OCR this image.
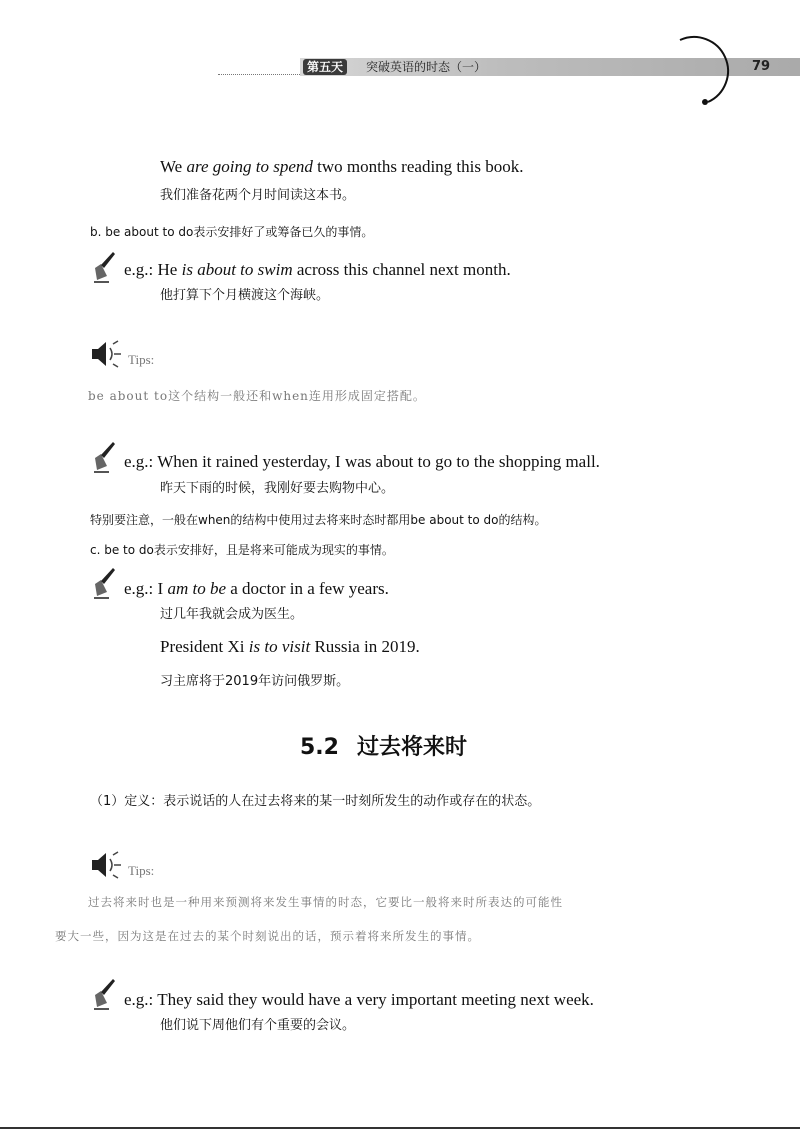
第五天	突破英语的时态（一）	79
We are going to spend two months reading this book.
我们准备花两个月时间读这本书。
b. be about to do表示安排好了或筹备已久的事情。
e.g.: He is about to swim across this channel next month.
他打算下个月横渡这个海峡。
Tips:
be about to这个结构一般还和when连用形成固定搭配。
e.g.: When it rained yesterday, I was about to go to the shopping mall.
昨天下雨的时候，我刚好要去购物中心。
特别要注意，一般在when的结构中使用过去将来时态时都用be about to do的结构。
c. be to do表示安排好，且是将来可能成为现实的事情。
e.g.: I am to be a doctor in a few years.
过几年我就会成为医生。
President Xi is to visit Russia in 2019.
习主席将于2019年访问俄罗斯。
5.2 过去将来时
（1）定义：表示说话的人在过去将来的某一时刻所发生的动作或存在的状态。
Tips:
过去将来时也是一种用来预测将来发生事情的时态，它要比一般将来时所表达的可能性
要大一些，因为这是在过去的某个时刻说出的话，预示着将来所发生的事情。
e.g.: They said they would have a very important meeting next week.
他们说下周他们有个重要的会议。
